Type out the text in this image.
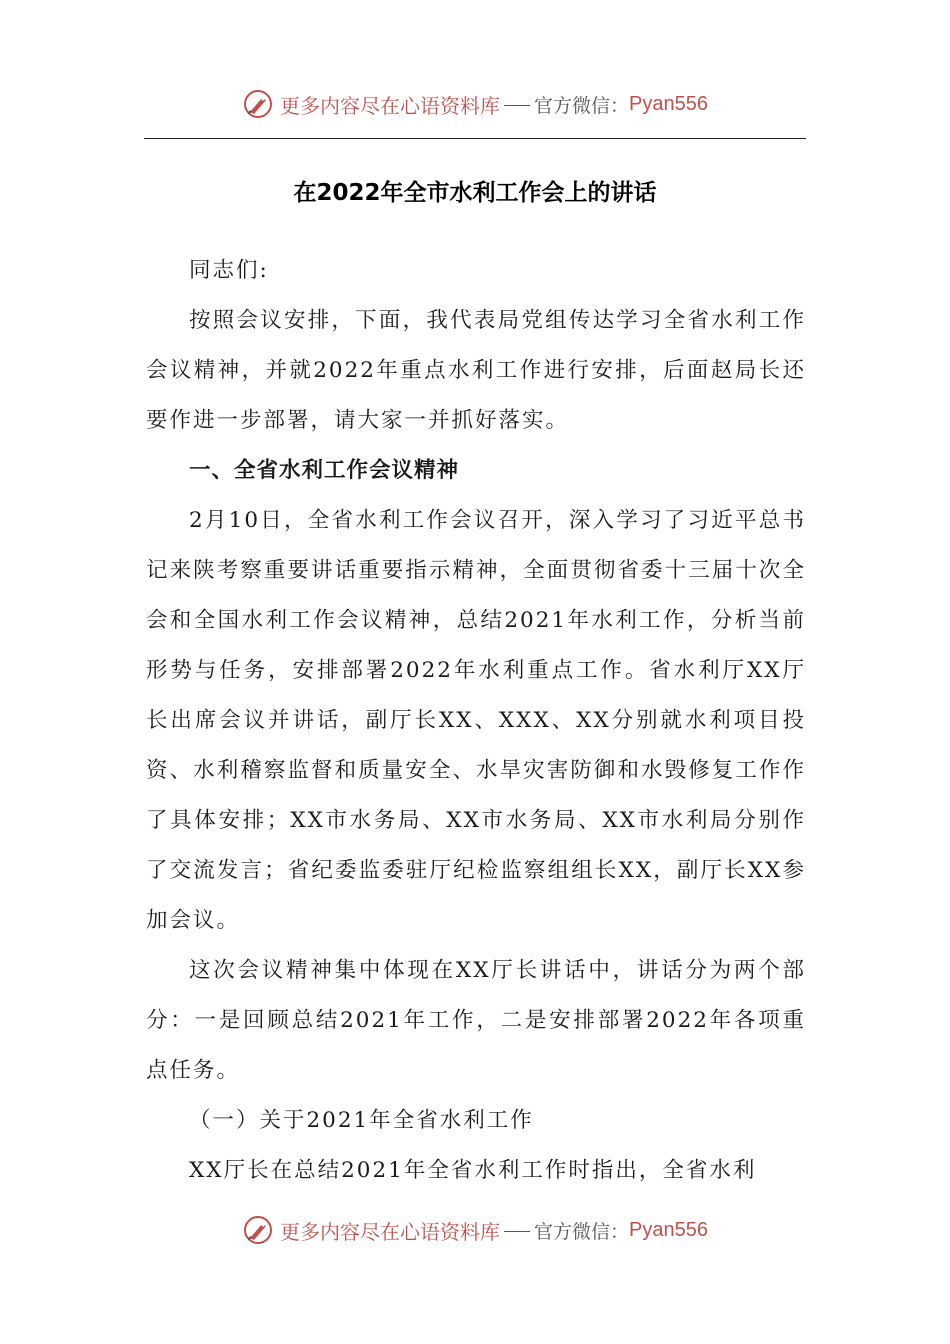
更多内容尽在心语资料库 官方微信： Pyan556
在2022年全市水利工作会上的讲话

同志们:

按照会议安排，下面，我代表局党组传达学习全省水利工作会议精神，并就2022年重点水利工作进行安排，后面赵局长还要作进一步部署，请大家一并抓好落实。

一、全省水利工作会议精神

2月10日，全省水利工作会议召开，深入学习了习近平总书记来陕考察重要讲话重要指示精神，全面贯彻省委十三届十次全会和全国水利工作会议精神，总结2021年水利工作，分析当前形势与任务，安排部署2022年水利重点工作。省水利厅XX厅长出席会议并讲话，副厅长XX、XXX、XX分别就水利项目投资、水利稽察监督和质量安全、水旱灾害防御和水毁修复工作作了具体安排；XX市水务局、XX市水务局、XX市水利局分别作了交流发言；省纪委监委驻厅纪检监察组组长XX，副厅长XX参加会议。

这次会议精神集中体现在XX厅长讲话中，讲话分为两个部分：一是回顾总结2021年工作，二是安排部署2022年各项重点任务。

（一）关于2021年全省水利工作

XX厅长在总结2021年全省水利工作时指出，全省水利

更多内容尽在心语资料库 官方微信： Pyan556
